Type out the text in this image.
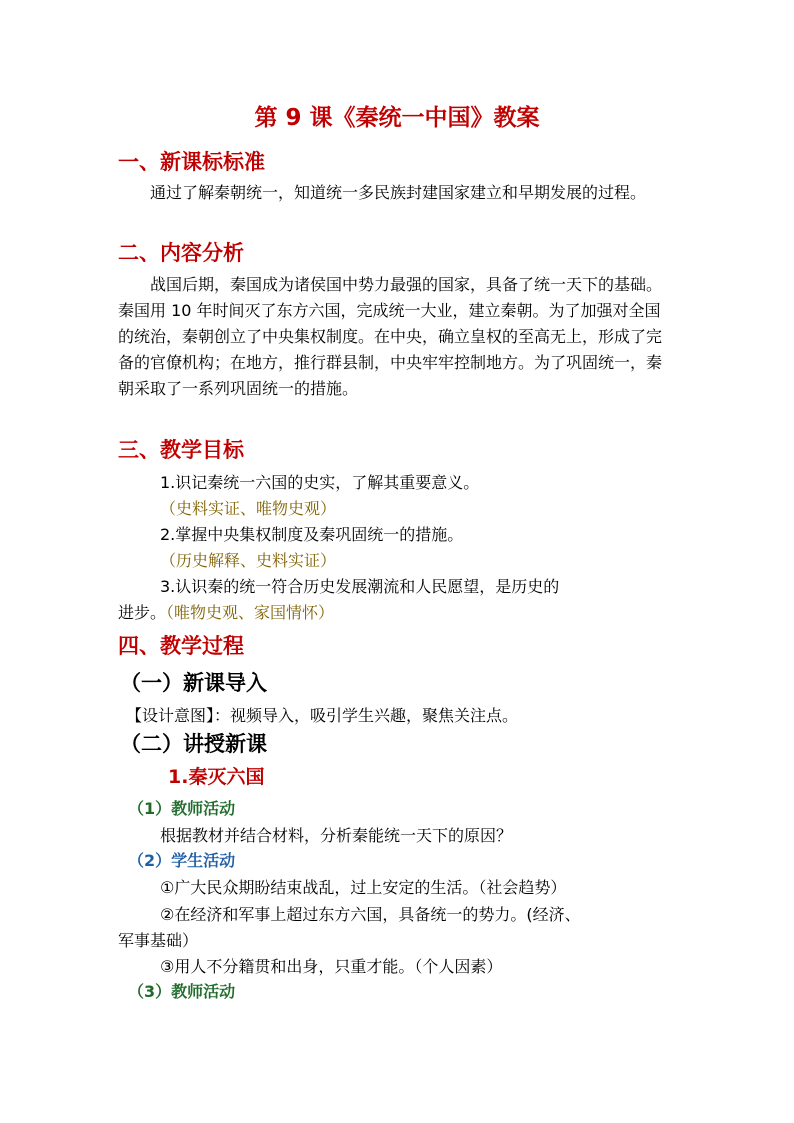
第 9 课《秦统一中国》教案
一、新课标标准

通过了解秦朝统一，知道统一多民族封建国家建立和早期发展的过程。

二、内容分析

战国后期，秦国成为诸侯国中势力最强的国家，具备了统一天下的基础。秦国用 10 年时间灭了东方六国，完成统一大业，建立秦朝。为了加强对全国的统治，秦朝创立了中央集权制度。在中央，确立皇权的至高无上，形成了完备的官僚机构；在地方，推行群县制，中央牢牢控制地方。为了巩固统一，秦朝采取了一系列巩固统一的措施。

三、教学目标

1.识记秦统一六国的史实，了解其重要意义。

（史料实证、唯物史观）

2.掌握中央集权制度及秦巩固统一的措施。

（历史解释、史料实证）

3.认识秦的统一符合历史发展潮流和人民愿望，是历史的

进步。（唯物史观、家国情怀）

四、教学过程
（一）新课导入

【设计意图】：视频导入，吸引学生兴趣，聚焦关注点。

（二）讲授新课
1.秦灭六国
（1）教师活动

根据教材并结合材料，分析秦能统一天下的原因？

（2）学生活动

①广大民众期盼结束战乱，过上安定的生活。（社会趋势）

②在经济和军事上超过东方六国，具备统一的势力。(经济、

军事基础）

③用人不分籍贯和出身，只重才能。（个人因素）

（3）教师活动
